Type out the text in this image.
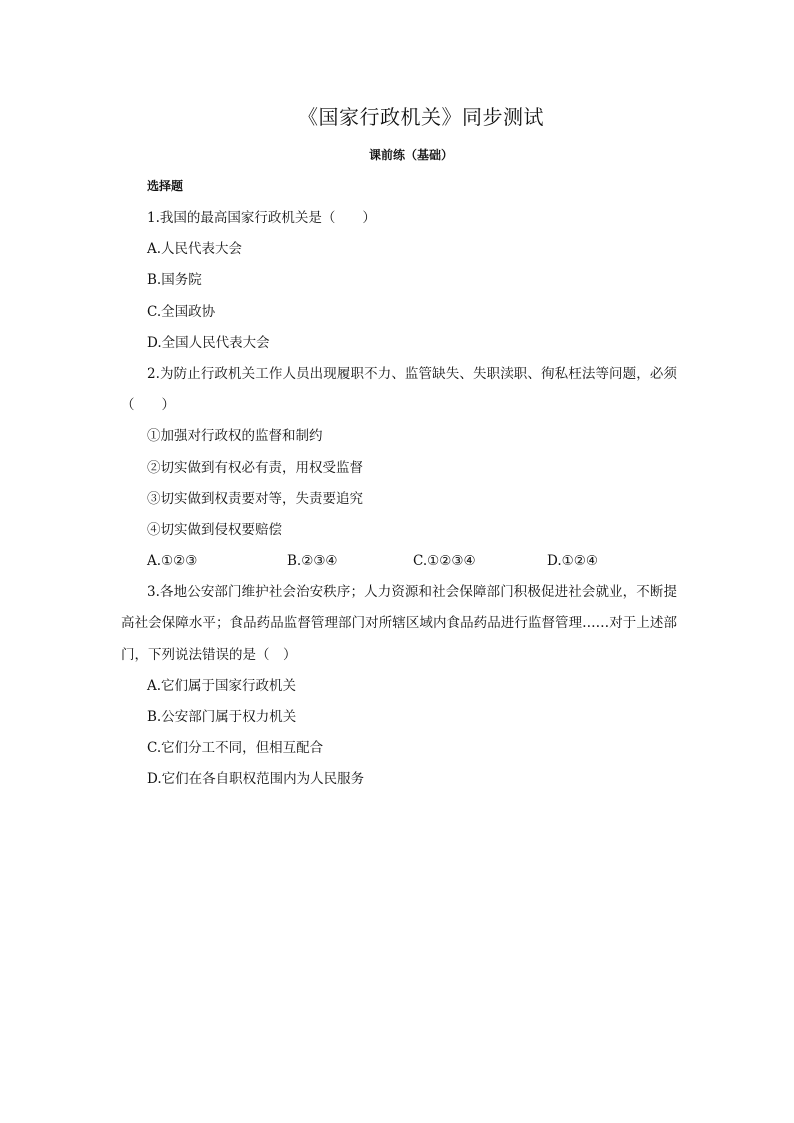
《国家行政机关》同步测试
课前练（基础）
选择题
1.我国的最高国家行政机关是（　　）
A.人民代表大会
B.国务院
C.全国政协
D.全国人民代表大会
2.为防止行政机关工作人员出现履职不力、监管缺失、失职渎职、徇私枉法等问题，必须（　　）
①加强对行政权的监督和制约
②切实做到有权必有责，用权受监督
③切实做到权责要对等，失责要追究
④切实做到侵权要赔偿
A.①②③	B.②③④	C.①②③④	D.①②④
3.各地公安部门维护社会治安秩序；人力资源和社会保障部门积极促进社会就业，不断提高社会保障水平；食品药品监督管理部门对所辖区域内食品药品进行监督管理……对于上述部门，下列说法错误的是（　）
A.它们属于国家行政机关
B.公安部门属于权力机关
C.它们分工不同，但相互配合
D.它们在各自职权范围内为人民服务
